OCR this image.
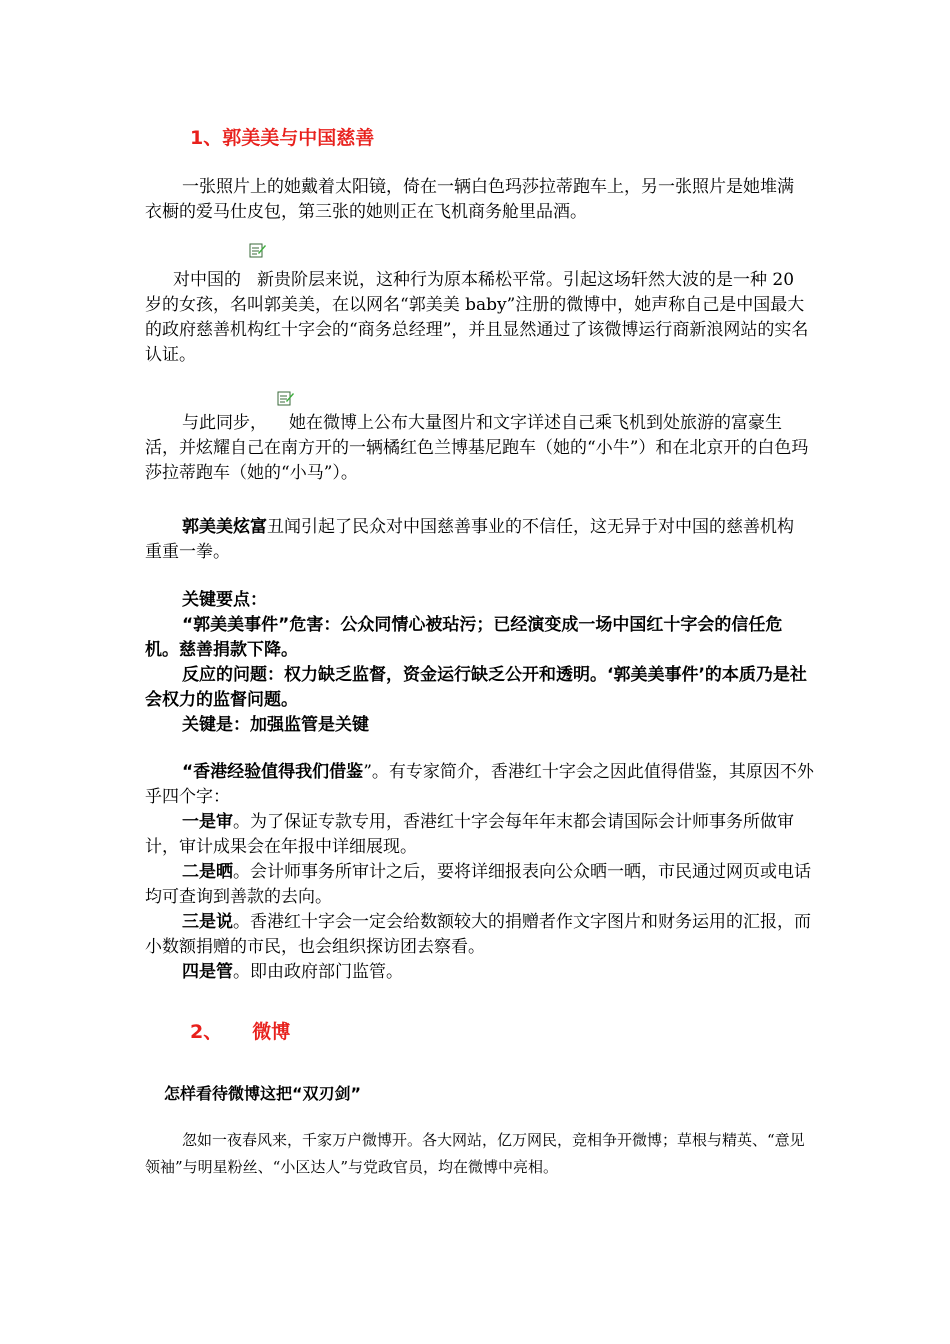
1、郭美美与中国慈善

一张照片上的她戴着太阳镜，倚在一辆白色玛莎拉蒂跑车上，另一张照片是她堆满衣橱的爱马仕皮包，第三张的她则正在飞机商务舱里品酒。

对中国的 新贵阶层来说，这种行为原本稀松平常。引起这场轩然大波的是一种 20 岁的女孩，名叫郭美美，在以网名“郭美美 baby”注册的微博中，她声称自己是中国最大的政府慈善机构红十字会的“商务总经理”，并且显然通过了该微博运行商新浪网站的实名认证。

与此同步， 她在微博上公布大量图片和文字详述自己乘飞机到处旅游的富豪生活，并炫耀自己在南方开的一辆橘红色兰博基尼跑车（她的“小牛”）和在北京开的白色玛莎拉蒂跑车（她的“小马”）。

郭美美炫富丑闻引起了民众对中国慈善事业的不信任，这无异于对中国的慈善机构重重一拳。

关键要点：

“郭美美事件”危害：公众同情心被玷污；已经演变成一场中国红十字会的信任危机。慈善捐款下降。

反应的问题：权力缺乏监督，资金运行缺乏公开和透明。‘郭美美事件’的本质乃是社会权力的监督问题。

关键是：加强监管是关键

“香港经验值得我们借鉴”。有专家简介，香港红十字会之因此值得借鉴，其原因不外乎四个字：

一是审。为了保证专款专用，香港红十字会每年年末都会请国际会计师事务所做审计，审计成果会在年报中详细展现。

二是晒。会计师事务所审计之后，要将详细报表向公众晒一晒，市民通过网页或电话均可查询到善款的去向。

三是说。香港红十字会一定会给数额较大的捐赠者作文字图片和财务运用的汇报，而小数额捐赠的市民，也会组织探访团去察看。

四是管。即由政府部门监管。

2、 微博
怎样看待微博这把“双刃剑”

忽如一夜春风来，千家万户微博开。各大网站，亿万网民，竞相争开微博；草根与精英、“意见领袖”与明星粉丝、“小区达人”与党政官员，均在微博中亮相。
